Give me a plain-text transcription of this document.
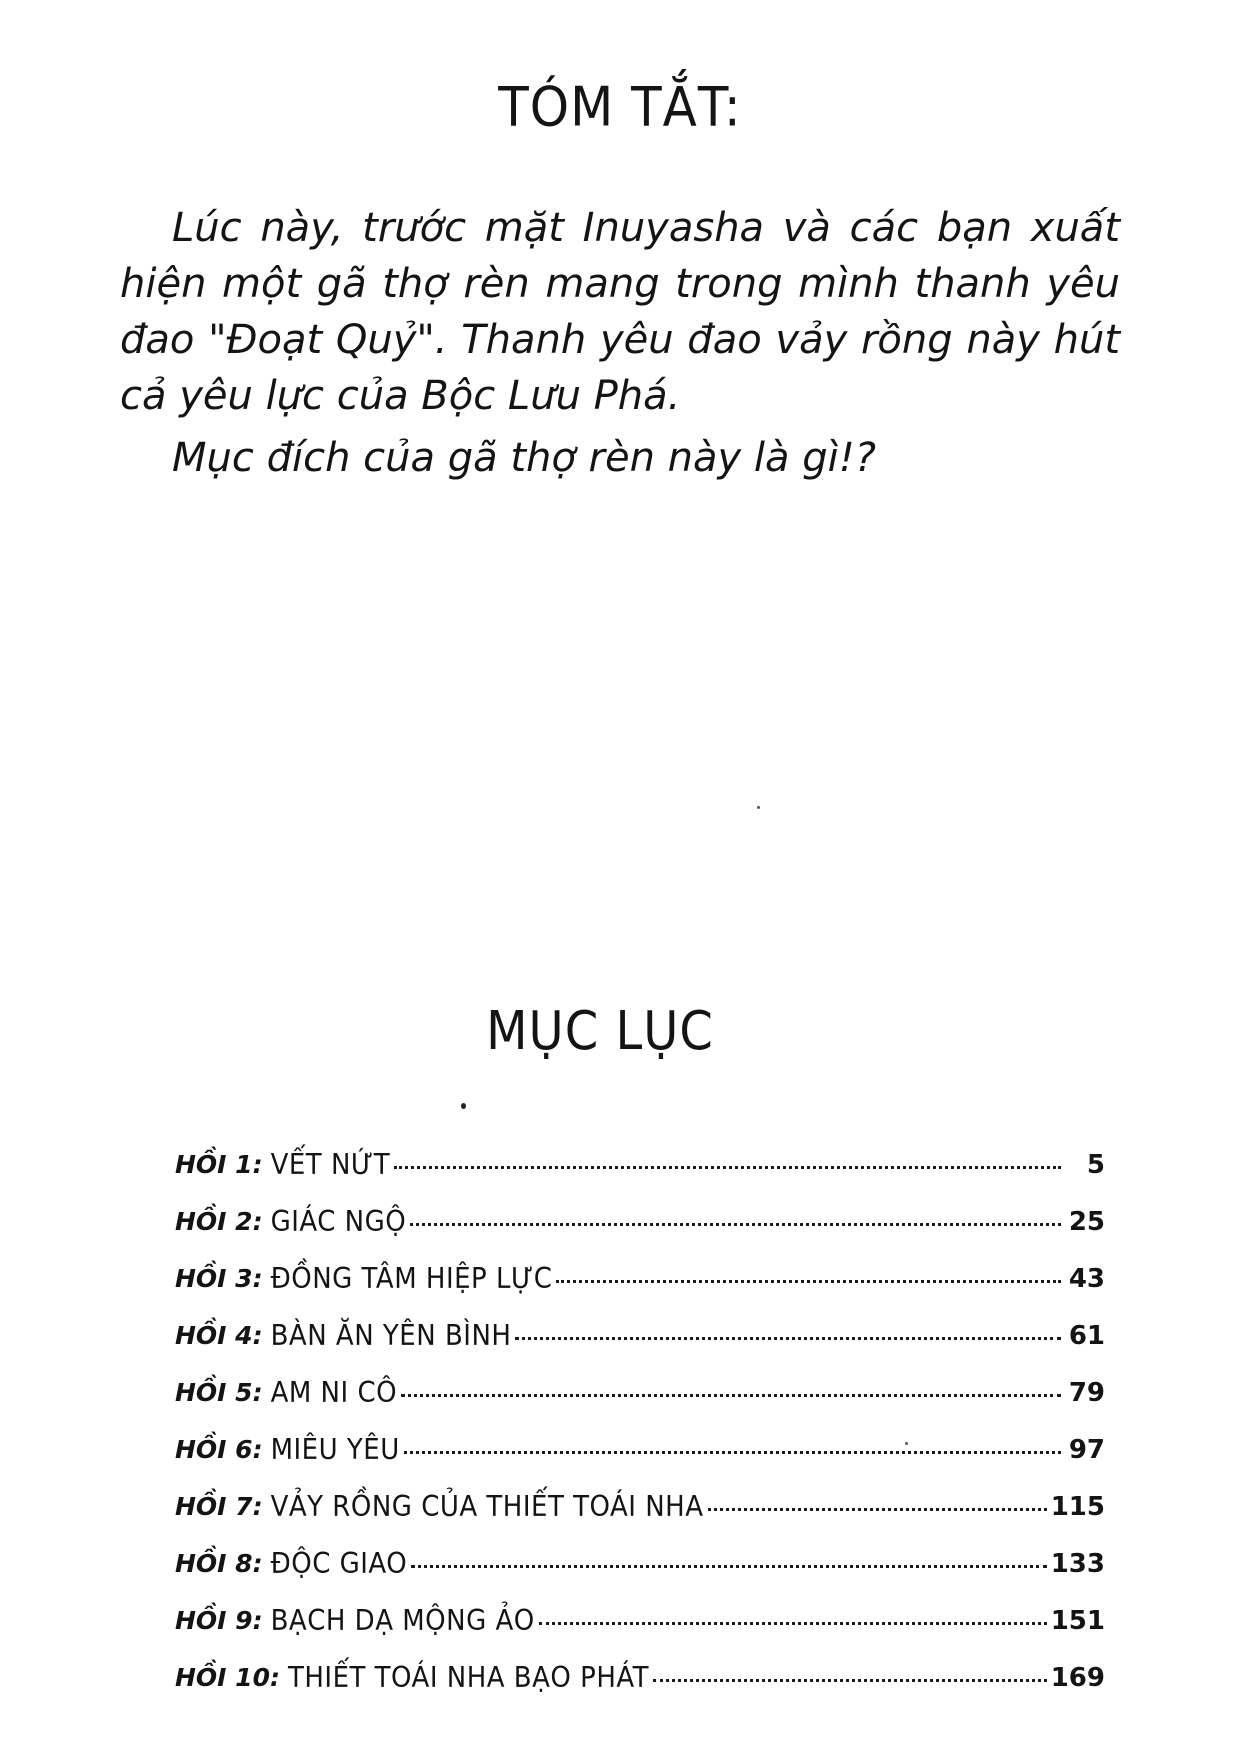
TÓM TẮT:

Lúc này, trước mặt Inuyasha và các bạn xuất hiện một gã thợ rèn mang trong mình thanh yêu đao "Đoạt Quỷ". Thanh yêu đao vảy rồng này hút cả yêu lực của Bộc Lưu Phá.

Mục đích của gã thợ rèn này là gì!?

MỤC LỤC
HỒI 1: VẾT NỨT	5
HỒI 2: GIÁC NGỘ	25
HỒI 3: ĐỒNG TÂM HIỆP LỰC	43
HỒI 4: BÀN ĂN YÊN BÌNH	61
HỒI 5: AM NI CÔ	79
HỒI 6: MIÊU YÊU	97
HỒI 7: VẢY RỒNG CỦA THIẾT TOÁI NHA	115
HỒI 8: ĐỘC GIAO	133
HỒI 9: BẠCH DẠ MỘNG ẢO	151
HỒI 10: THIẾT TOÁI NHA BẠO PHÁT	169
